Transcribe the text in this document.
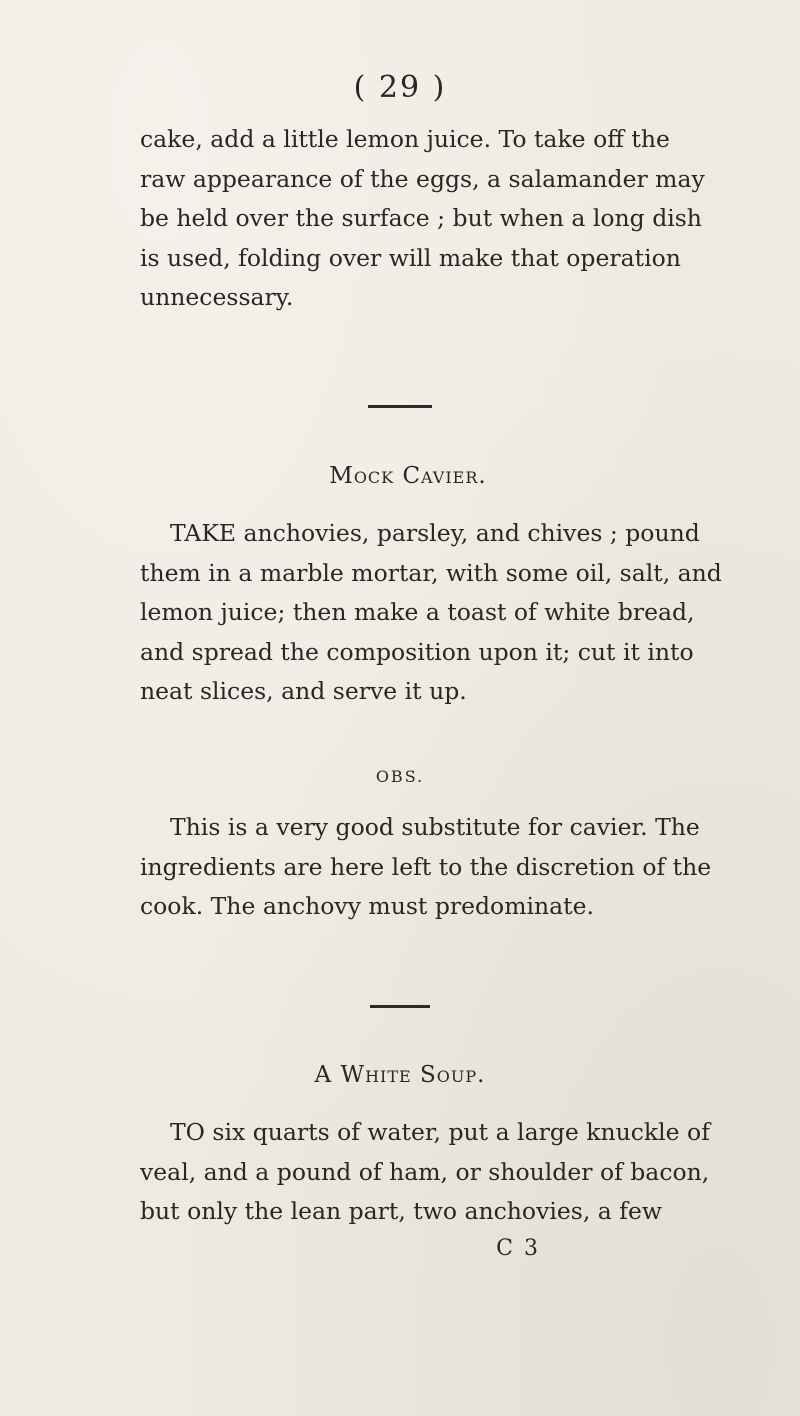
( 29 )
cake, add a little lemon juice. To take off the
raw appearance of the eggs, a salamander may
be held over the surface ; but when a long dish
is used, folding over will make that operation
unnecessary.
Mock Cavier.
TAKE anchovies, parsley, and chives ; pound
them in a marble mortar, with some oil, salt, and
lemon juice; then make a toast of white bread,
and spread the composition upon it; cut it into
neat slices, and serve it up.
OBS.
This is a very good substitute for cavier. The
ingredients are here left to the discretion of the
cook. The anchovy must predominate.
A White Soup.
TO six quarts of water, put a large knuckle of
veal, and a pound of ham, or shoulder of bacon,
but only the lean part, two anchovies, a few
C 3
